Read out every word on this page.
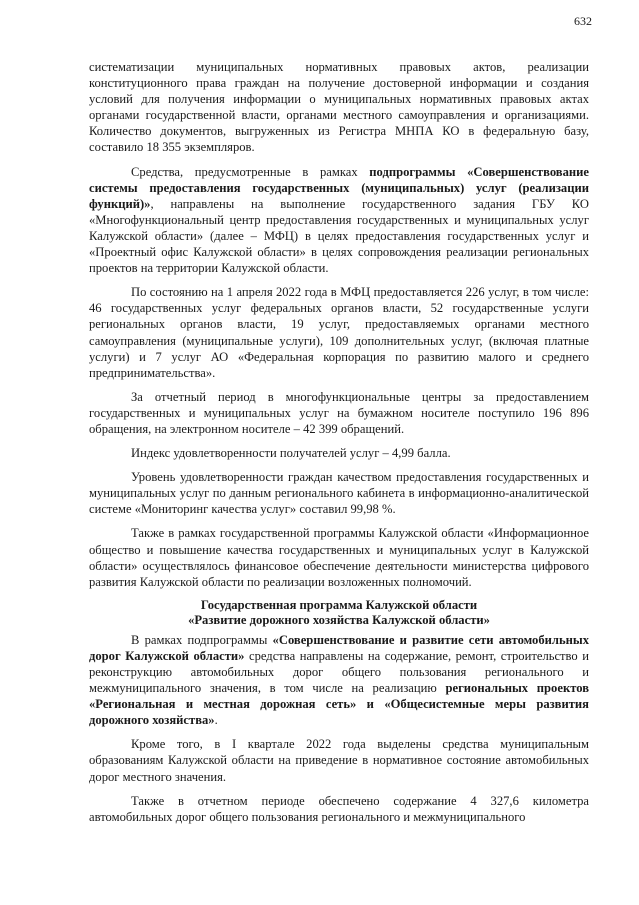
632

систематизации муниципальных нормативных правовых актов, реализации конституционного права граждан на получение достоверной информации и создания условий для получения информации о муниципальных нормативных правовых актах органами государственной власти, органами местного самоуправления и организациями. Количество документов, выгруженных из Регистра МНПА КО в федеральную базу, составило 18 355 экземпляров.

Средства, предусмотренные в рамках подпрограммы «Совершенствование системы предоставления государственных (муниципальных) услуг (реализации функций)», направлены на выполнение государственного задания ГБУ КО «Многофункциональный центр предоставления государственных и муниципальных услуг Калужской области» (далее – МФЦ) в целях предоставления государственных услуг и «Проектный офис Калужской области» в целях сопровождения реализации региональных проектов на территории Калужской области.

По состоянию на 1 апреля 2022 года в МФЦ предоставляется 226 услуг, в том числе: 46 государственных услуг федеральных органов власти, 52 государственные услуги региональных органов власти, 19 услуг, предоставляемых органами местного самоуправления (муниципальные услуги), 109 дополнительных услуг, (включая платные услуги) и 7 услуг АО «Федеральная корпорация по развитию малого и среднего предпринимательства».

За отчетный период в многофункциональные центры за предоставлением государственных и муниципальных услуг на бумажном носителе поступило 196 896 обращения, на электронном носителе – 42 399 обращений.

Индекс удовлетворенности получателей услуг – 4,99 балла.

Уровень удовлетворенности граждан качеством предоставления государственных и муниципальных услуг по данным регионального кабинета в информационно-аналитической системе «Мониторинг качества услуг» составил 99,98 %.

Также в рамках государственной программы Калужской области «Информационное общество и повышение качества государственных и муниципальных услуг в Калужской области» осуществлялось финансовое обеспечение деятельности министерства цифрового развития Калужской области по реализации возложенных полномочий.

Государственная программа Калужской области
«Развитие дорожного хозяйства Калужской области»

В рамках подпрограммы «Совершенствование и развитие сети автомобильных дорог Калужской области» средства направлены на содержание, ремонт, строительство и реконструкцию автомобильных дорог общего пользования регионального и межмуниципального значения, в том числе на реализацию региональных проектов «Региональная и местная дорожная сеть» и «Общесистемные меры развития дорожного хозяйства».

Кроме того, в I квартале 2022 года выделены средства муниципальным образованиям Калужской области на приведение в нормативное состояние автомобильных дорог местного значения.

Также в отчетном периоде обеспечено содержание 4 327,6 километра автомобильных дорог общего пользования регионального и межмуниципального
